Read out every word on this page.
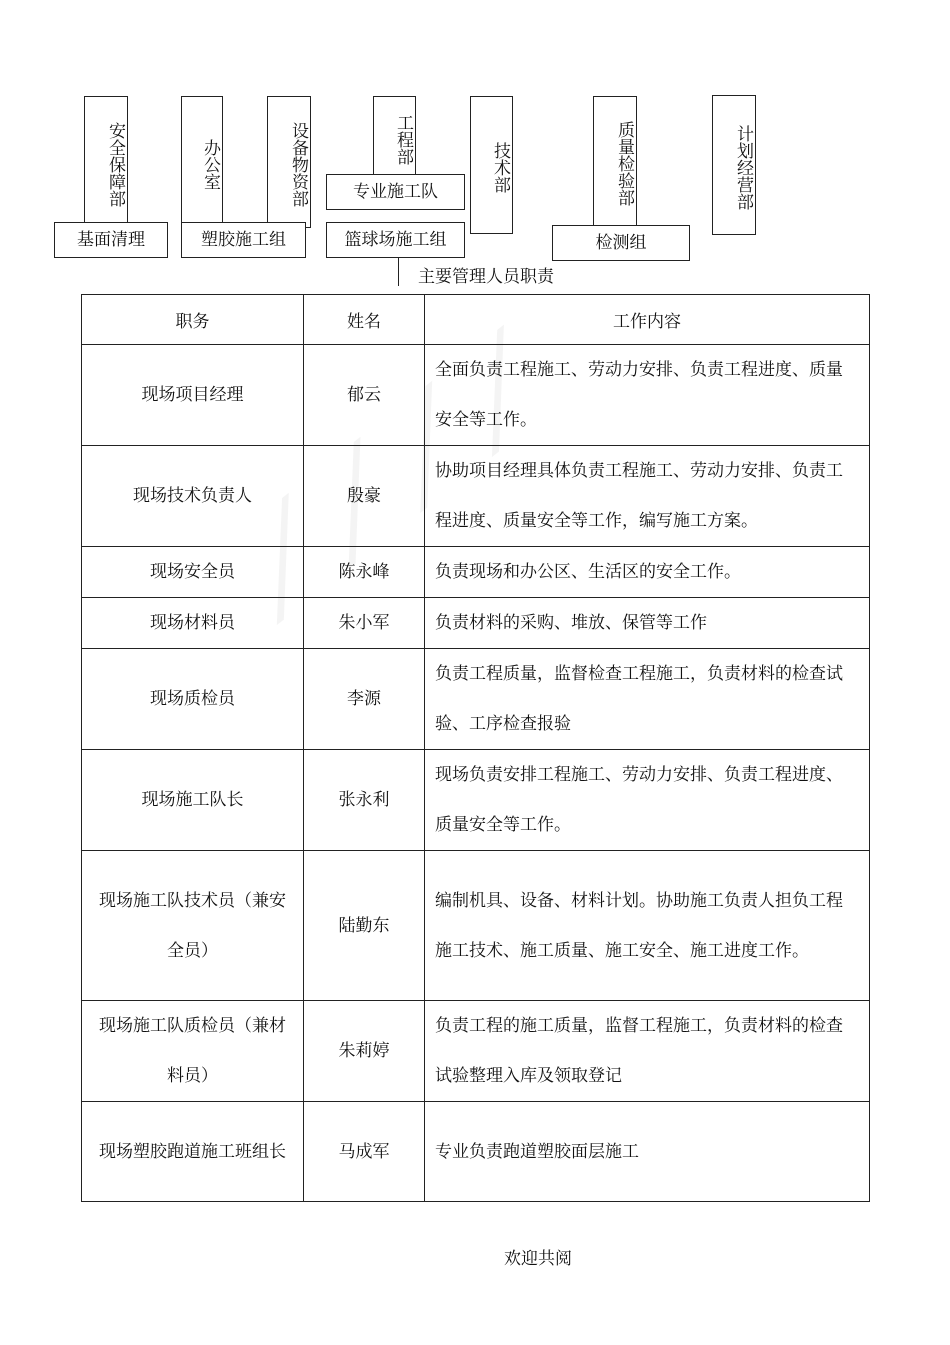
安全保障部	办公室	设备物资部	工程部
技术部	质量检验部	计划经营部
专业施工队
基面清理	塑胶施工组	篮球场施工组	检测组
主要管理人员职责
职务	姓名	工作内容
现场项目经理	郁云	全面负责工程施工、劳动力安排、负责工程进度、质量安全等工作。
现场技术负责人	殷豪	协助项目经理具体负责工程施工、劳动力安排、负责工程进度、质量安全等工作，编写施工方案。
现场安全员	陈永峰	负责现场和办公区、生活区的安全工作。
现场材料员	朱小军	负责材料的采购、堆放、保管等工作
现场质检员	李源	负责工程质量，监督检查工程施工，负责材料的检查试验、工序检查报验
现场施工队长	张永利	现场负责安排工程施工、劳动力安排、负责工程进度、质量安全等工作。
现场施工队技术员（兼安全员）	陆勤东	编制机具、设备、材料计划。协助施工负责人担负工程施工技术、施工质量、施工安全、施工进度工作。
现场施工队质检员（兼材料员）	朱莉婷	负责工程的施工质量，监督工程施工，负责材料的检查试验整理入库及领取登记
现场塑胶跑道施工班组长	马成军	专业负责跑道塑胶面层施工
欢迎共阅
